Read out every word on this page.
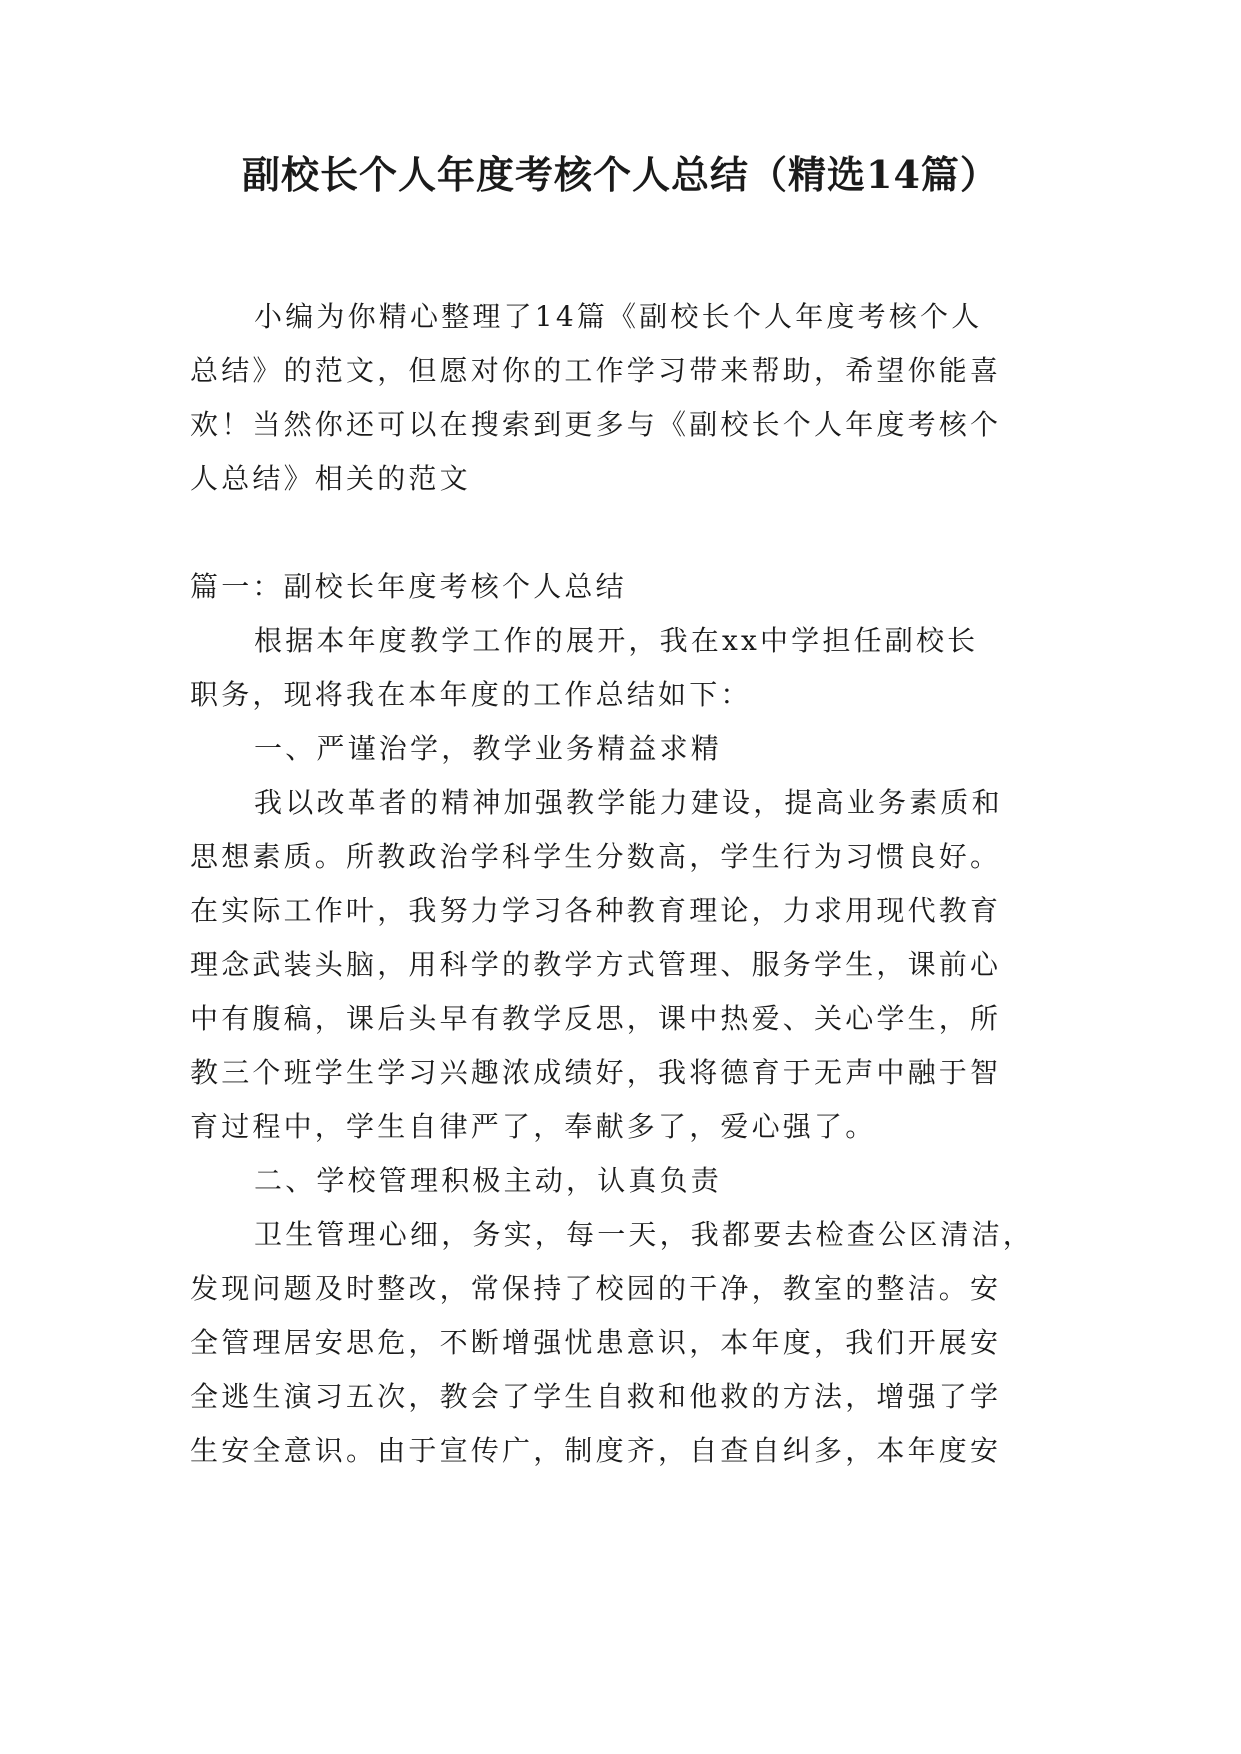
副校长个人年度考核个人总结（精选14篇）
小编为你精心整理了14篇《副校长个人年度考核个人
总结》的范文，但愿对你的工作学习带来帮助，希望你能喜
欢！当然你还可以在搜索到更多与《副校长个人年度考核个
人总结》相关的范文
篇一：副校长年度考核个人总结
根据本年度教学工作的展开，我在xx中学担任副校长
职务，现将我在本年度的工作总结如下：
一、严谨治学，教学业务精益求精
我以改革者的精神加强教学能力建设，提高业务素质和
思想素质。所教政治学科学生分数高，学生行为习惯良好。
在实际工作叶，我努力学习各种教育理论，力求用现代教育
理念武装头脑，用科学的教学方式管理、服务学生，课前心
中有腹稿，课后头早有教学反思，课中热爱、关心学生，所
教三个班学生学习兴趣浓成绩好，我将德育于无声中融于智
育过程中，学生自律严了，奉献多了，爱心强了。
二、学校管理积极主动，认真负责
卫生管理心细，务实，每一天，我都要去检查公区清洁，
发现问题及时整改，常保持了校园的干净，教室的整洁。安
全管理居安思危，不断增强忧患意识，本年度，我们开展安
全逃生演习五次，教会了学生自救和他救的方法，增强了学
生安全意识。由于宣传广，制度齐，自查自纠多，本年度安
